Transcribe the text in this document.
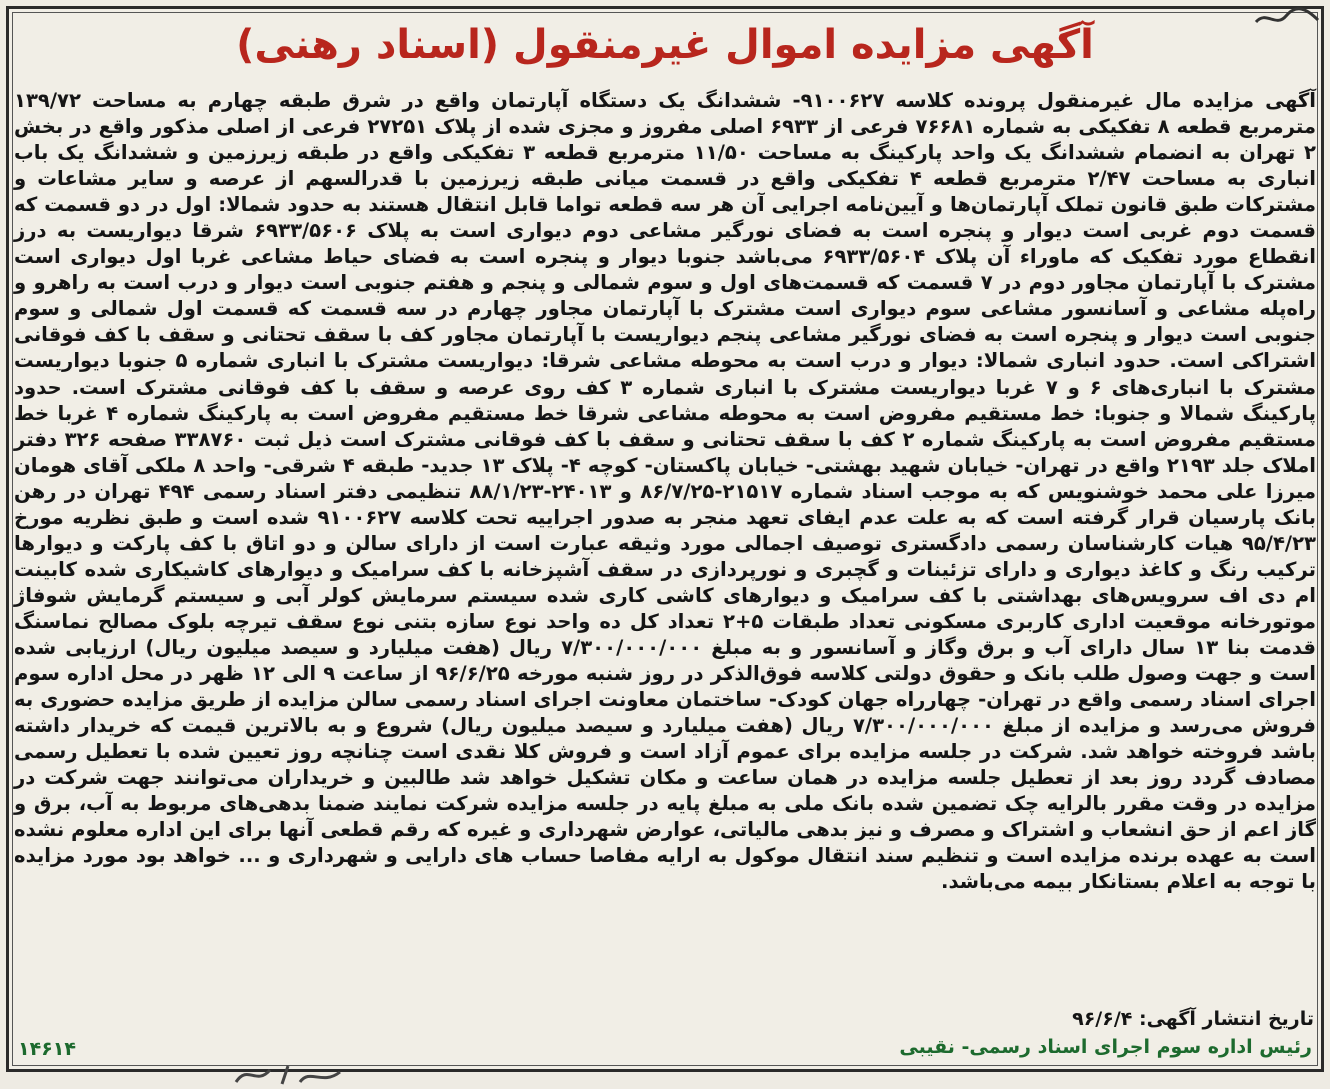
آگهی مزایده اموال غیرمنقول (اسناد رهنی)
آگهی مزایده مال غیرمنقول پرونده کلاسه ۹۱۰۰۶۲۷- ششدانگ یک دستگاه آپارتمان واقع در شرق طبقه چهارم به مساحت ۱۳۹/۷۲ مترمربع قطعه ۸ تفکیکی به شماره ۷۶۶۸۱ فرعی از ۶۹۳۳ اصلی مفروز و مجزی شده از پلاک ۲۷۲۵۱ فرعی از اصلی مذکور واقع در بخش ۲ تهران به انضمام ششدانگ یک واحد پارکینگ به مساحت ۱۱/۵۰ مترمربع قطعه ۳ تفکیکی واقع در طبقه زیرزمین و ششدانگ یک باب انباری به مساحت ۲/۴۷ مترمربع قطعه ۴ تفکیکی واقع در قسمت میانی طبقه زیرزمین با قدرالسهم از عرصه و سایر مشاعات و مشترکات طبق قانون تملک آپارتمان‌ها و آیین‌نامه اجرایی آن هر سه قطعه تواما قابل انتقال هستند به حدود شمالا: اول در دو قسمت که قسمت دوم غربی است دیوار و پنجره است به فضای نورگیر مشاعی دوم دیواری است به پلاک ۶۹۳۳/۵۶۰۶ شرقا دیواریست به درز انقطاع مورد تفکیک که ماوراء آن پلاک ۶۹۳۳/۵۶۰۴ می‌باشد جنوبا دیوار و پنجره است به فضای حیاط مشاعی غربا اول دیواری است مشترک با آپارتمان مجاور دوم در ۷ قسمت که قسمت‌های اول و سوم شمالی و پنجم و هفتم جنوبی است دیوار و درب است به راهرو و راه‌پله مشاعی و آسانسور مشاعی سوم دیواری است مشترک با آپارتمان مجاور چهارم در سه قسمت که قسمت اول شمالی و سوم جنوبی است دیوار و پنجره است به فضای نورگیر مشاعی پنجم دیواریست با آپارتمان مجاور کف با سقف تحتانی و سقف با کف فوقانی اشتراکی است. حدود انباری شمالا: دیوار و درب است به محوطه مشاعی شرقا: دیواریست مشترک با انباری شماره ۵ جنوبا دیواریست مشترک با انباری‌های ۶ و ۷ غربا دیواریست مشترک با انباری شماره ۳ کف روی عرصه و سقف با کف فوقانی مشترک است. حدود پارکینگ شمالا و جنوبا: خط مستقیم مفروض است به محوطه مشاعی شرقا خط مستقیم مفروض است به پارکینگ شماره ۴ غربا خط مستقیم مفروض است به پارکینگ شماره ۲ کف با سقف تحتانی و سقف با کف فوقانی مشترک است ذیل ثبت ۳۳۸۷۶۰ صفحه ۳۲۶ دفتر املاک جلد ۲۱۹۳ واقع در تهران- خیابان شهید بهشتی- خیابان پاکستان- کوچه ۴- پلاک ۱۳ جدید- طبقه ۴ شرقی- واحد ۸ ملکی آقای هومان میرزا علی محمد خوشنویس که به موجب اسناد شماره ۲۱۵۱۷-۸۶/۷/۲۵ و ۲۴۰۱۳-۸۸/۱/۲۳ تنظیمی دفتر اسناد رسمی ۴۹۴ تهران در رهن بانک پارسیان قرار گرفته است که به علت عدم ایفای تعهد منجر به صدور اجراییه تحت کلاسه ۹۱۰۰۶۲۷ شده است و طبق نظریه مورخ ۹۵/۴/۲۳ هیات کارشناسان رسمی دادگستری توصیف اجمالی مورد وثیقه عبارت است از دارای سالن و دو اتاق با کف پارکت و دیوارها ترکیب رنگ و کاغذ دیواری و دارای تزئینات و گچبری و نورپردازی در سقف آشپزخانه با کف سرامیک و دیوارهای کاشیکاری شده کابینت ام دی اف سرویس‌های بهداشتی با کف سرامیک و دیوارهای کاشی کاری شده سیستم سرمایش کولر آبی و سیستم گرمایش شوفاژ موتورخانه موقعیت اداری کاربری مسکونی تعداد طبقات ۵+۲ تعداد کل ده واحد نوع سازه بتنی نوع سقف تیرچه بلوک مصالح نماسنگ قدمت بنا ۱۳ سال دارای آب و برق وگاز و آسانسور و به مبلغ ۷/۳۰۰/۰۰۰/۰۰۰ ریال (هفت میلیارد و سیصد میلیون ریال) ارزیابی شده است و جهت وصول طلب بانک و حقوق دولتی کلاسه فوق‌الذکر در روز شنبه مورخه ۹۶/۶/۲۵ از ساعت ۹ الی ۱۲ ظهر در محل اداره سوم اجرای اسناد رسمی واقع در تهران- چهارراه جهان کودک- ساختمان معاونت اجرای اسناد رسمی سالن مزایده از طریق مزایده حضوری به فروش می‌رسد و مزایده از مبلغ ۷/۳۰۰/۰۰۰/۰۰۰ ریال (هفت میلیارد و سیصد میلیون ریال) شروع و به بالاترین قیمت که خریدار داشته باشد فروخته خواهد شد. شرکت در جلسه مزایده برای عموم آزاد است و فروش کلا نقدی است چنانچه روز تعیین شده با تعطیل رسمی مصادف گردد روز بعد از تعطیل جلسه مزایده در همان ساعت و مکان تشکیل خواهد شد طالبین و خریداران می‌توانند جهت شرکت در مزایده در وقت مقرر بالرایه چک تضمین شده بانک ملی به مبلغ پایه در جلسه مزایده شرکت نمایند ضمنا بدهی‌های مربوط به آب، برق و گاز اعم از حق انشعاب و اشتراک و مصرف و نیز بدهی مالیاتی، عوارض شهرداری و غیره که رقم قطعی آنها برای این اداره معلوم نشده است به عهده برنده مزایده است و تنظیم سند انتقال موکول به ارایه مفاصا حساب های دارایی و شهرداری و ... خواهد بود مورد مزایده با توجه به اعلام بستانکار بیمه می‌باشد.
تاریخ انتشار آگهی: ۹۶/۶/۴
رئیس اداره سوم اجرای اسناد رسمی- نقیبی
۱۴۶۱۴
